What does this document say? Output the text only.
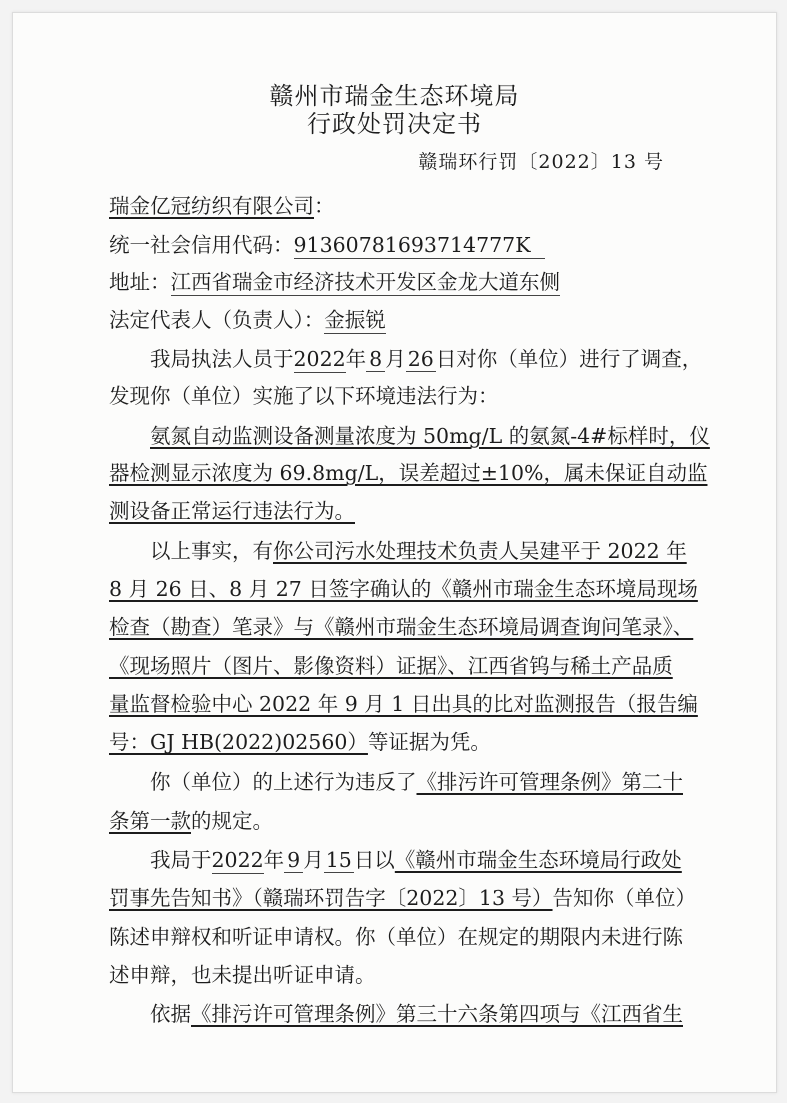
赣州市瑞金生态环境局
行政处罚决定书
赣瑞环行罚〔2022〕13 号
瑞金亿冠纺织有限公司：
统一社会信用代码：91360781693714777K
地址：江西省瑞金市经济技术开发区金龙大道东侧
法定代表人（负责人）：金振锐
我局执法人员于2022年 8 月26日对你（单位）进行了调查，
发现你（单位）实施了以下环境违法行为：
氨氮自动监测设备测量浓度为 50mg/L 的氨氮-4#标样时，仪
器检测显示浓度为 69.8mg/L，误差超过±10%，属未保证自动监
测设备正常运行违法行为。
以上事实，有你公司污水处理技术负责人吴建平于 2022 年
8 月 26 日、8 月 27 日签字确认的《赣州市瑞金生态环境局现场
检查（勘查）笔录》与《赣州市瑞金生态环境局调查询问笔录》、
《现场照片（图片、影像资料）证据》、江西省钨与稀土产品质
量监督检验中心 2022 年 9 月 1 日出具的比对监测报告（报告编
号：GJ HB(2022)02560）等证据为凭。
你（单位）的上述行为违反了《排污许可管理条例》第二十
条第一款的规定。
我局于2022年 9 月15日以《赣州市瑞金生态环境局行政处
罚事先告知书》（赣瑞环罚告字〔2022〕13 号）告知你（单位）
陈述申辩权和听证申请权。你（单位）在规定的期限内未进行陈
述申辩，也未提出听证申请。
依据《排污许可管理条例》第三十六条第四项与《江西省生
